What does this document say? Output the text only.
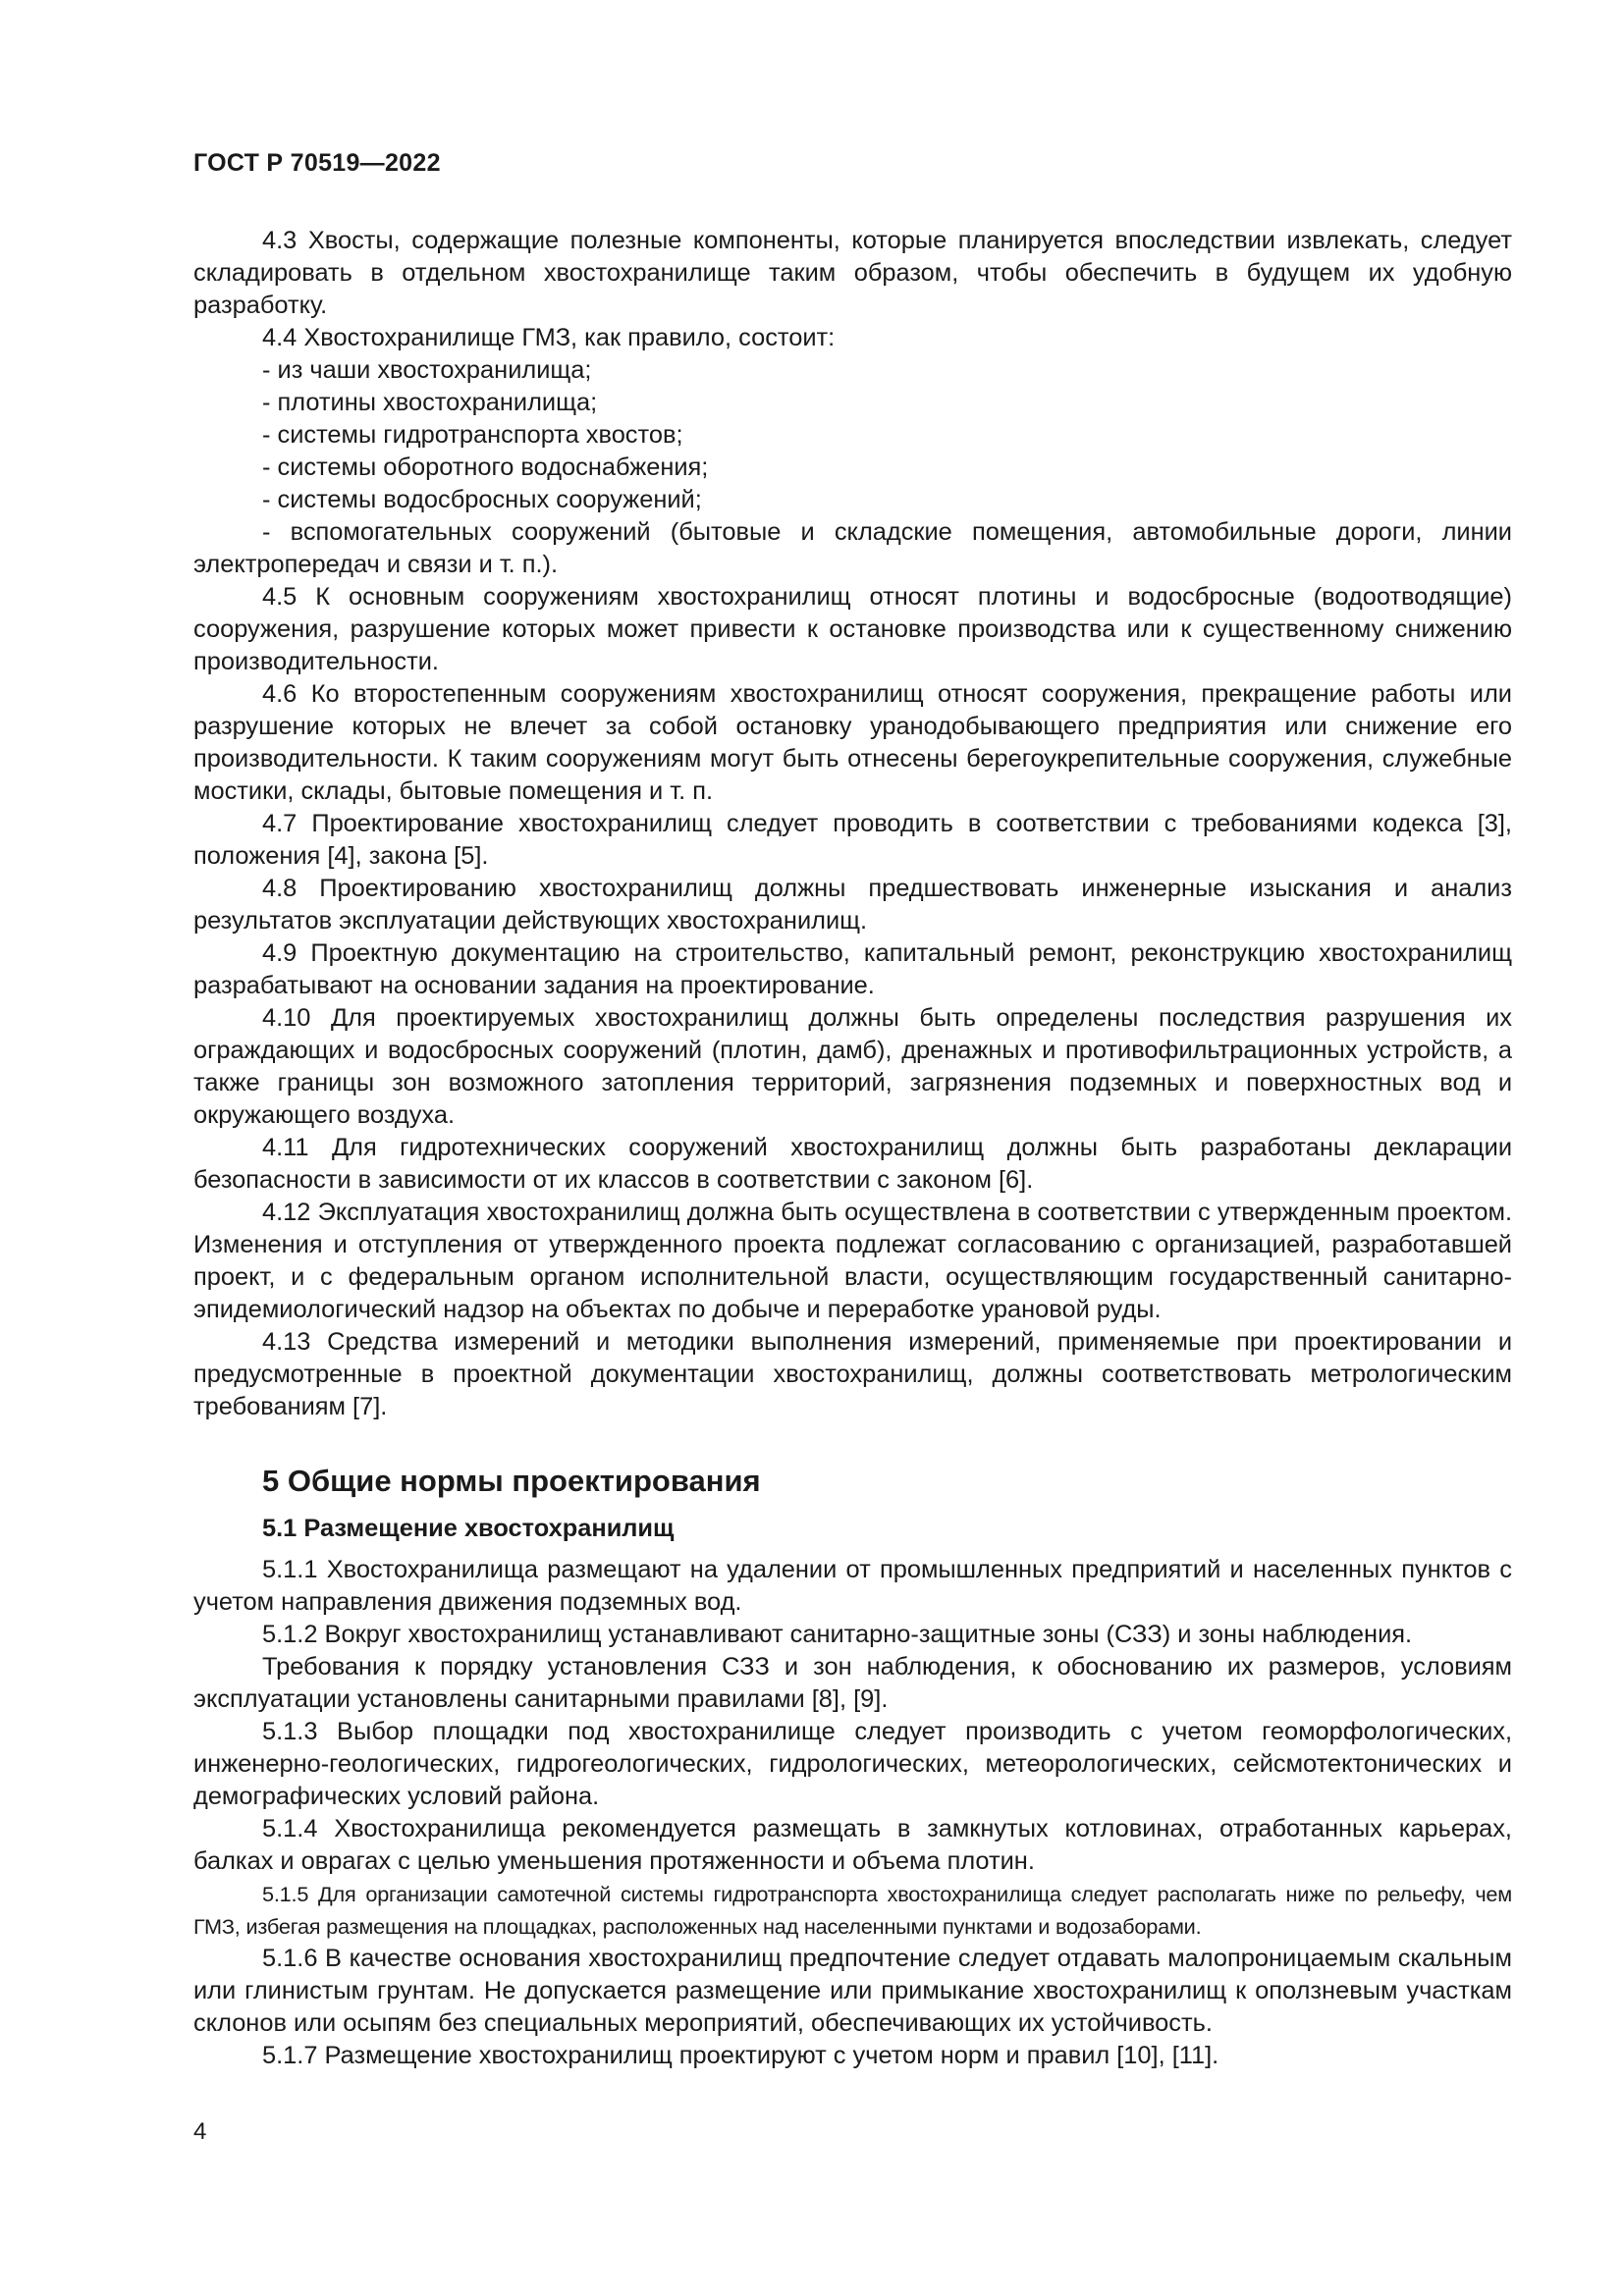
ГОСТ Р 70519—2022

4.3 Хвосты, содержащие полезные компоненты, которые планируется впоследствии извлекать, следует складировать в отдельном хвостохранилище таким образом, чтобы обеспечить в будущем их удобную разработку.

4.4 Хвостохранилище ГМЗ, как правило, состоит:

- из чаши хвостохранилища;

- плотины хвостохранилища;

- системы гидротранспорта хвостов;

- системы оборотного водоснабжения;

- системы водосбросных сооружений;

- вспомогательных сооружений (бытовые и складские помещения, автомобильные дороги, линии электропередач и связи и т. п.).

4.5 К основным сооружениям хвостохранилищ относят плотины и водосбросные (водоотводящие) сооружения, разрушение которых может привести к остановке производства или к существенному снижению производительности.

4.6 Ко второстепенным сооружениям хвостохранилищ относят сооружения, прекращение работы или разрушение которых не влечет за собой остановку уранодобывающего предприятия или снижение его производительности. К таким сооружениям могут быть отнесены берегоукрепительные сооружения, служебные мостики, склады, бытовые помещения и т. п.

4.7 Проектирование хвостохранилищ следует проводить в соответствии с требованиями кодекса [3], положения [4], закона [5].

4.8 Проектированию хвостохранилищ должны предшествовать инженерные изыскания и анализ результатов эксплуатации действующих хвостохранилищ.

4.9 Проектную документацию на строительство, капитальный ремонт, реконструкцию хвостохранилищ разрабатывают на основании задания на проектирование.

4.10 Для проектируемых хвостохранилищ должны быть определены последствия разрушения их ограждающих и водосбросных сооружений (плотин, дамб), дренажных и противофильтрационных устройств, а также границы зон возможного затопления территорий, загрязнения подземных и поверхностных вод и окружающего воздуха.

4.11 Для гидротехнических сооружений хвостохранилищ должны быть разработаны декларации безопасности в зависимости от их классов в соответствии с законом [6].

4.12 Эксплуатация хвостохранилищ должна быть осуществлена в соответствии с утвержденным проектом. Изменения и отступления от утвержденного проекта подлежат согласованию с организацией, разработавшей проект, и с федеральным органом исполнительной власти, осуществляющим государственный санитарно-эпидемиологический надзор на объектах по добыче и переработке урановой руды.

4.13 Средства измерений и методики выполнения измерений, применяемые при проектировании и предусмотренные в проектной документации хвостохранилищ, должны соответствовать метрологическим требованиям [7].

5 Общие нормы проектирования
5.1 Размещение хвостохранилищ

5.1.1 Хвостохранилища размещают на удалении от промышленных предприятий и населенных пунктов с учетом направления движения подземных вод.

5.1.2 Вокруг хвостохранилищ устанавливают санитарно-защитные зоны (СЗЗ) и зоны наблюдения.

Требования к порядку установления СЗЗ и зон наблюдения, к обоснованию их размеров, условиям эксплуатации установлены санитарными правилами [8], [9].

5.1.3 Выбор площадки под хвостохранилище следует производить с учетом геоморфологических, инженерно-геологических, гидрогеологических, гидрологических, метеорологических, сейсмотектонических и демографических условий района.

5.1.4 Хвостохранилища рекомендуется размещать в замкнутых котловинах, отработанных карьерах, балках и оврагах с целью уменьшения протяженности и объема плотин.

5.1.5 Для организации самотечной системы гидротранспорта хвостохранилища следует располагать ниже по рельефу, чем ГМЗ, избегая размещения на площадках, расположенных над населенными пунктами и водозаборами.

5.1.6 В качестве основания хвостохранилищ предпочтение следует отдавать малопроницаемым скальным или глинистым грунтам. Не допускается размещение или примыкание хвостохранилищ к оползневым участкам склонов или осыпям без специальных мероприятий, обеспечивающих их устойчивость.

5.1.7 Размещение хвостохранилищ проектируют с учетом норм и правил [10], [11].

4
